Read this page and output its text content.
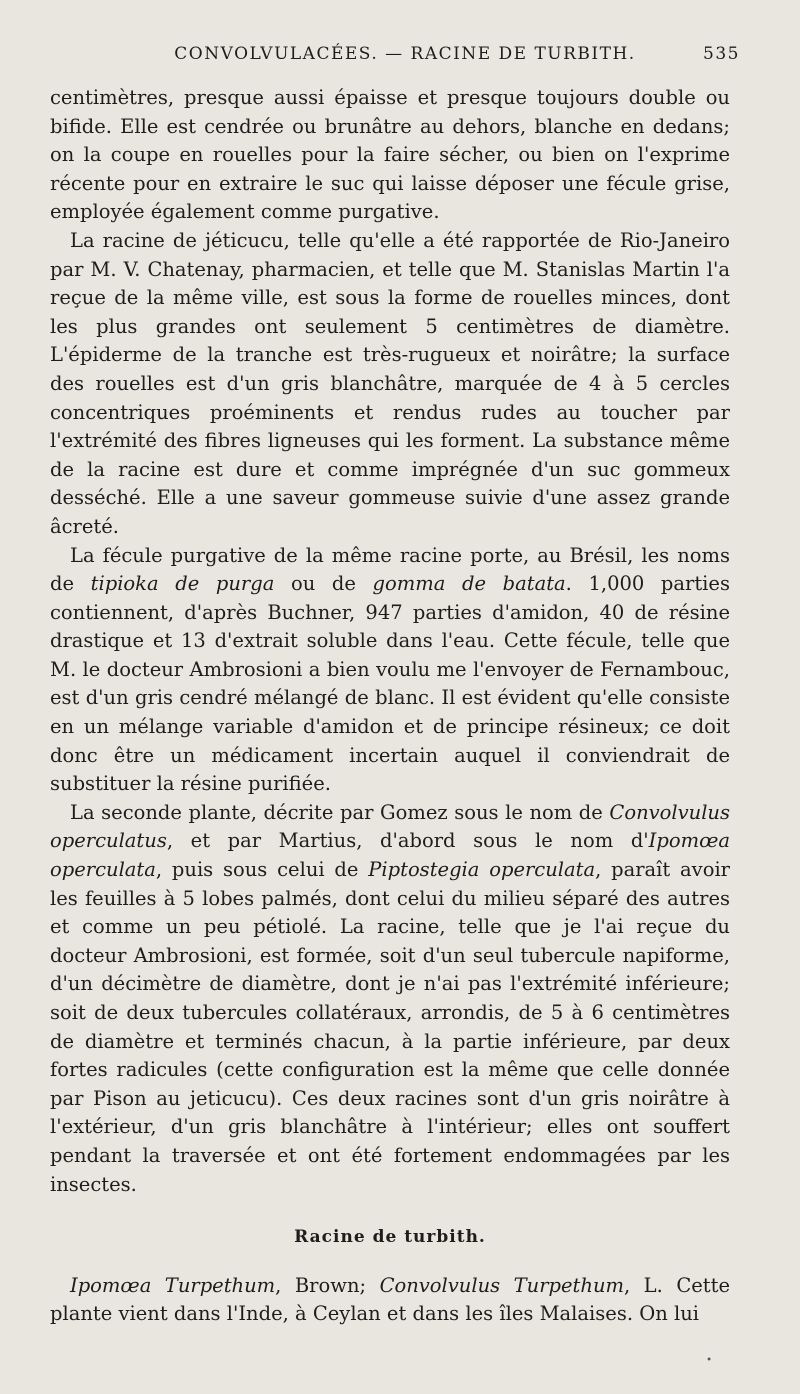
CONVOLVULACÉES. — RACINE DE TURBITH.	535

centimètres, presque aussi épaisse et presque toujours double ou bifide. Elle est cendrée ou brunâtre au dehors, blanche en dedans; on la coupe en rouelles pour la faire sécher, ou bien on l'exprime récente pour en extraire le suc qui laisse déposer une fécule grise, employée également comme purgative.

La racine de jéticucu, telle qu'elle a été rapportée de Rio-Janeiro par M. V. Chatenay, pharmacien, et telle que M. Stanislas Martin l'a reçue de la même ville, est sous la forme de rouelles minces, dont les plus grandes ont seulement 5 centimètres de diamètre. L'épiderme de la tranche est très-rugueux et noirâtre; la surface des rouelles est d'un gris blanchâtre, marquée de 4 à 5 cercles concentriques proéminents et rendus rudes au toucher par l'extrémité des fibres ligneuses qui les forment. La substance même de la racine est dure et comme imprégnée d'un suc gommeux desséché. Elle a une saveur gommeuse suivie d'une assez grande âcreté.

La fécule purgative de la même racine porte, au Brésil, les noms de tipioka de purga ou de gomma de batata. 1,000 parties contiennent, d'après Buchner, 947 parties d'amidon, 40 de résine drastique et 13 d'extrait soluble dans l'eau. Cette fécule, telle que M. le docteur Ambrosioni a bien voulu me l'envoyer de Fernambouc, est d'un gris cendré mélangé de blanc. Il est évident qu'elle consiste en un mélange variable d'amidon et de principe résineux; ce doit donc être un médicament incertain auquel il conviendrait de substituer la résine purifiée.

La seconde plante, décrite par Gomez sous le nom de Convolvulus operculatus, et par Martius, d'abord sous le nom d'Ipomœa operculata, puis sous celui de Piptostegia operculata, paraît avoir les feuilles à 5 lobes palmés, dont celui du milieu séparé des autres et comme un peu pétiolé. La racine, telle que je l'ai reçue du docteur Ambrosioni, est formée, soit d'un seul tubercule napiforme, d'un décimètre de diamètre, dont je n'ai pas l'extrémité inférieure; soit de deux tubercules collatéraux, arrondis, de 5 à 6 centimètres de diamètre et terminés chacun, à la partie inférieure, par deux fortes radicules (cette configuration est la même que celle donnée par Pison au jeticucu). Ces deux racines sont d'un gris noirâtre à l'extérieur, d'un gris blanchâtre à l'intérieur; elles ont souffert pendant la traversée et ont été fortement endommagées par les insectes.

Racine de turbith.

Ipomœa Turpethum, Brown; Convolvulus Turpethum, L. Cette plante vient dans l'Inde, à Ceylan et dans les îles Malaises. On lui

•
